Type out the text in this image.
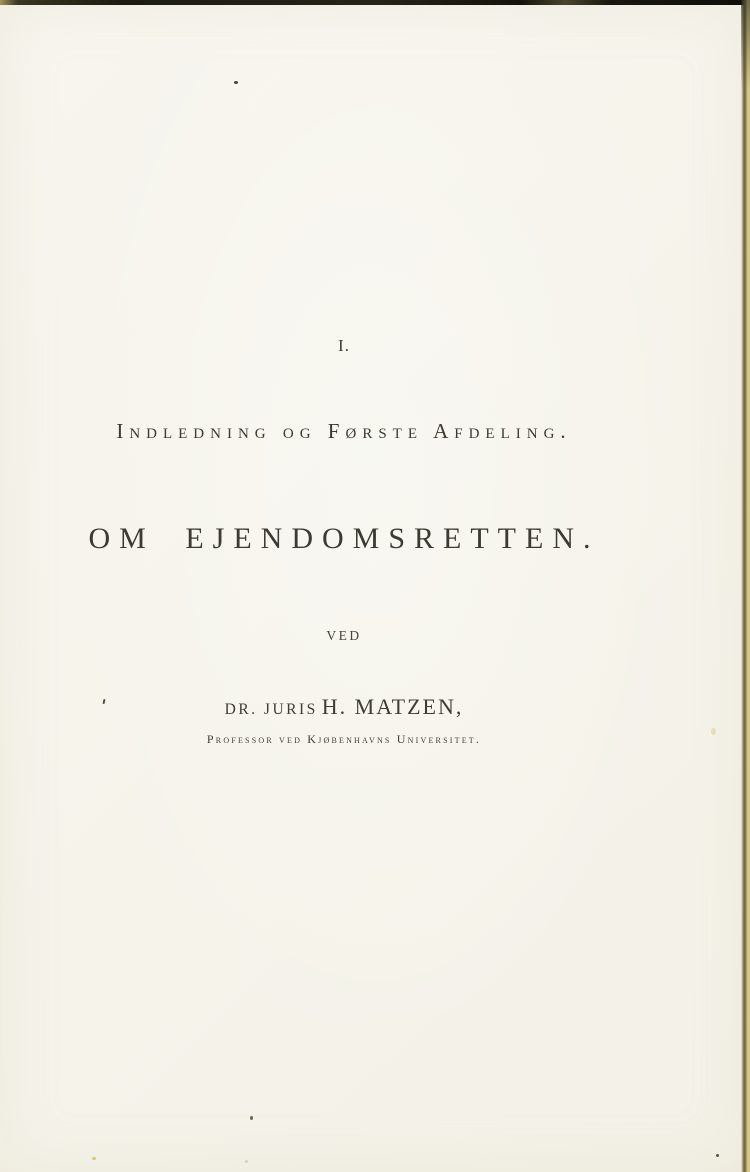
I.
Indledning og Første Afdeling.
OM EJENDOMSRETTEN.
VED
DR. JURIS H. MATZEN,
Professor ved Kjøbenhavns Universitet.
